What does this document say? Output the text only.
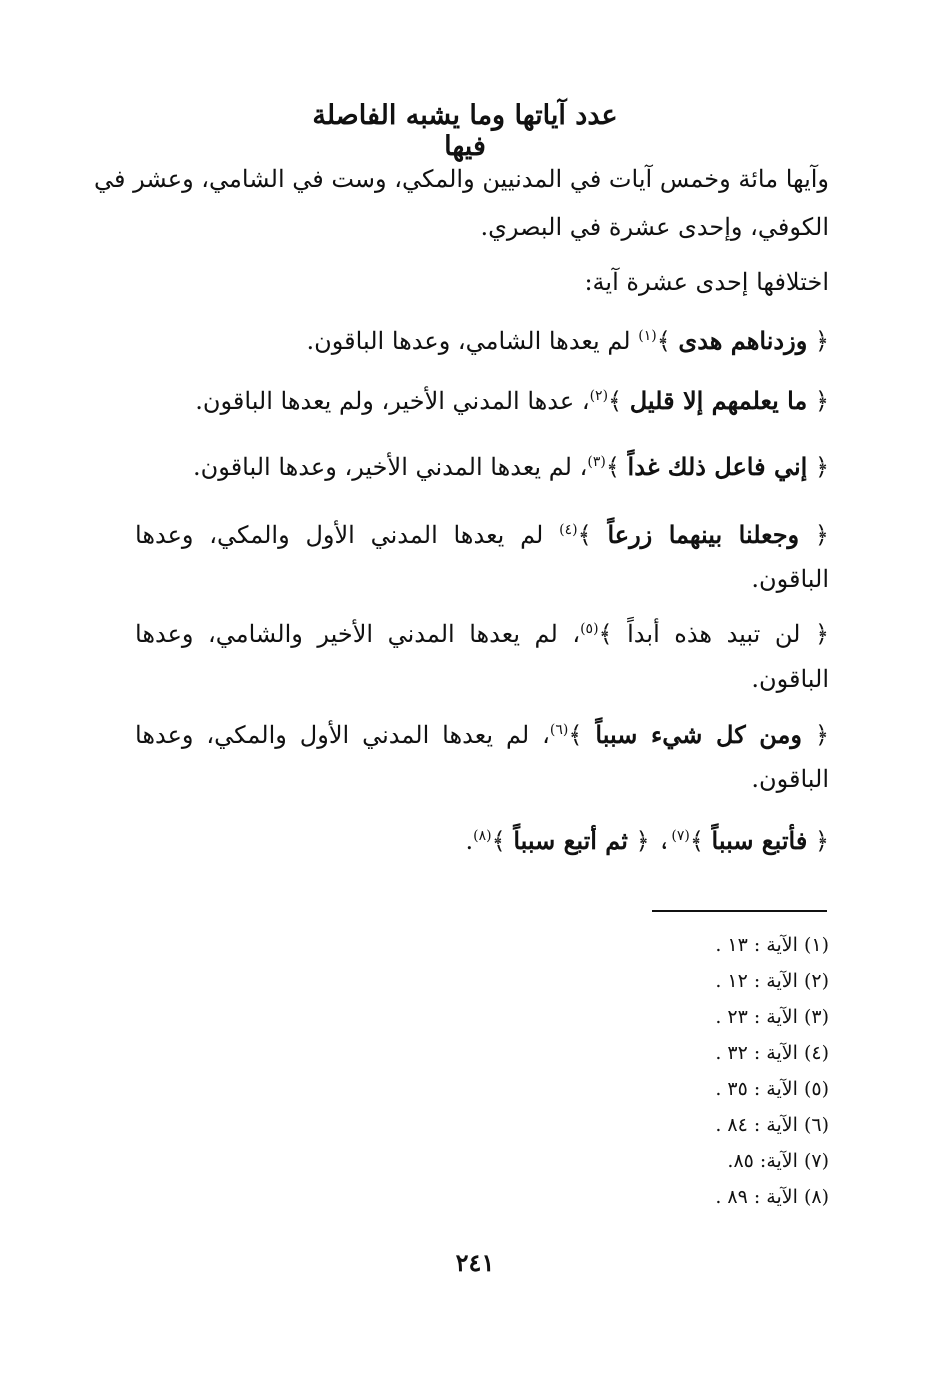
عدد آياتها وما يشبه الفاصلة فيها
وآيها مائة وخمس آيات في المدنيين والمكي، وست في الشامي، وعشر في
الكوفي، وإحدى عشرة في البصري.
اختلافها إحدى عشرة آية:
﴿ وزدناهم هدى ﴾$^{(١)}$ لم يعدها الشامي، وعدها الباقون.
﴿ ما يعلمهم إلا قليل ﴾$^{(٢)}$، عدها المدني الأخير، ولم يعدها الباقون.
﴿ إني فاعل ذلك غداً ﴾$^{(٣)}$، لم يعدها المدني الأخير، وعدها الباقون.
﴿ وجعلنا بينهما زرعاً ﴾$^{(٤)}$ لم يعدها المدني الأول والمكي، وعدها
الباقون.
﴿ لن تبيد هذه أبداً ﴾$^{(٥)}$، لم يعدها المدني الأخير والشامي، وعدها
الباقون.
﴿ ومن كل شيء سبباً ﴾$^{(٦)}$، لم يعدها المدني الأول والمكي، وعدها
الباقون.
﴿ فأتبع سبباً ﴾$^{(٧)}$، ﴿ ثم أتبع سبباً ﴾$^{(٨)}$.
(١) الآية : ١٣ .
(٢) الآية : ١٢ .
(٣) الآية : ٢٣ .
(٤) الآية : ٣٢ .
(٥) الآية : ٣٥ .
(٦) الآية : ٨٤ .
(٧) الآية: ٨٥.
(٨) الآية : ٨٩ .
٢٤١
